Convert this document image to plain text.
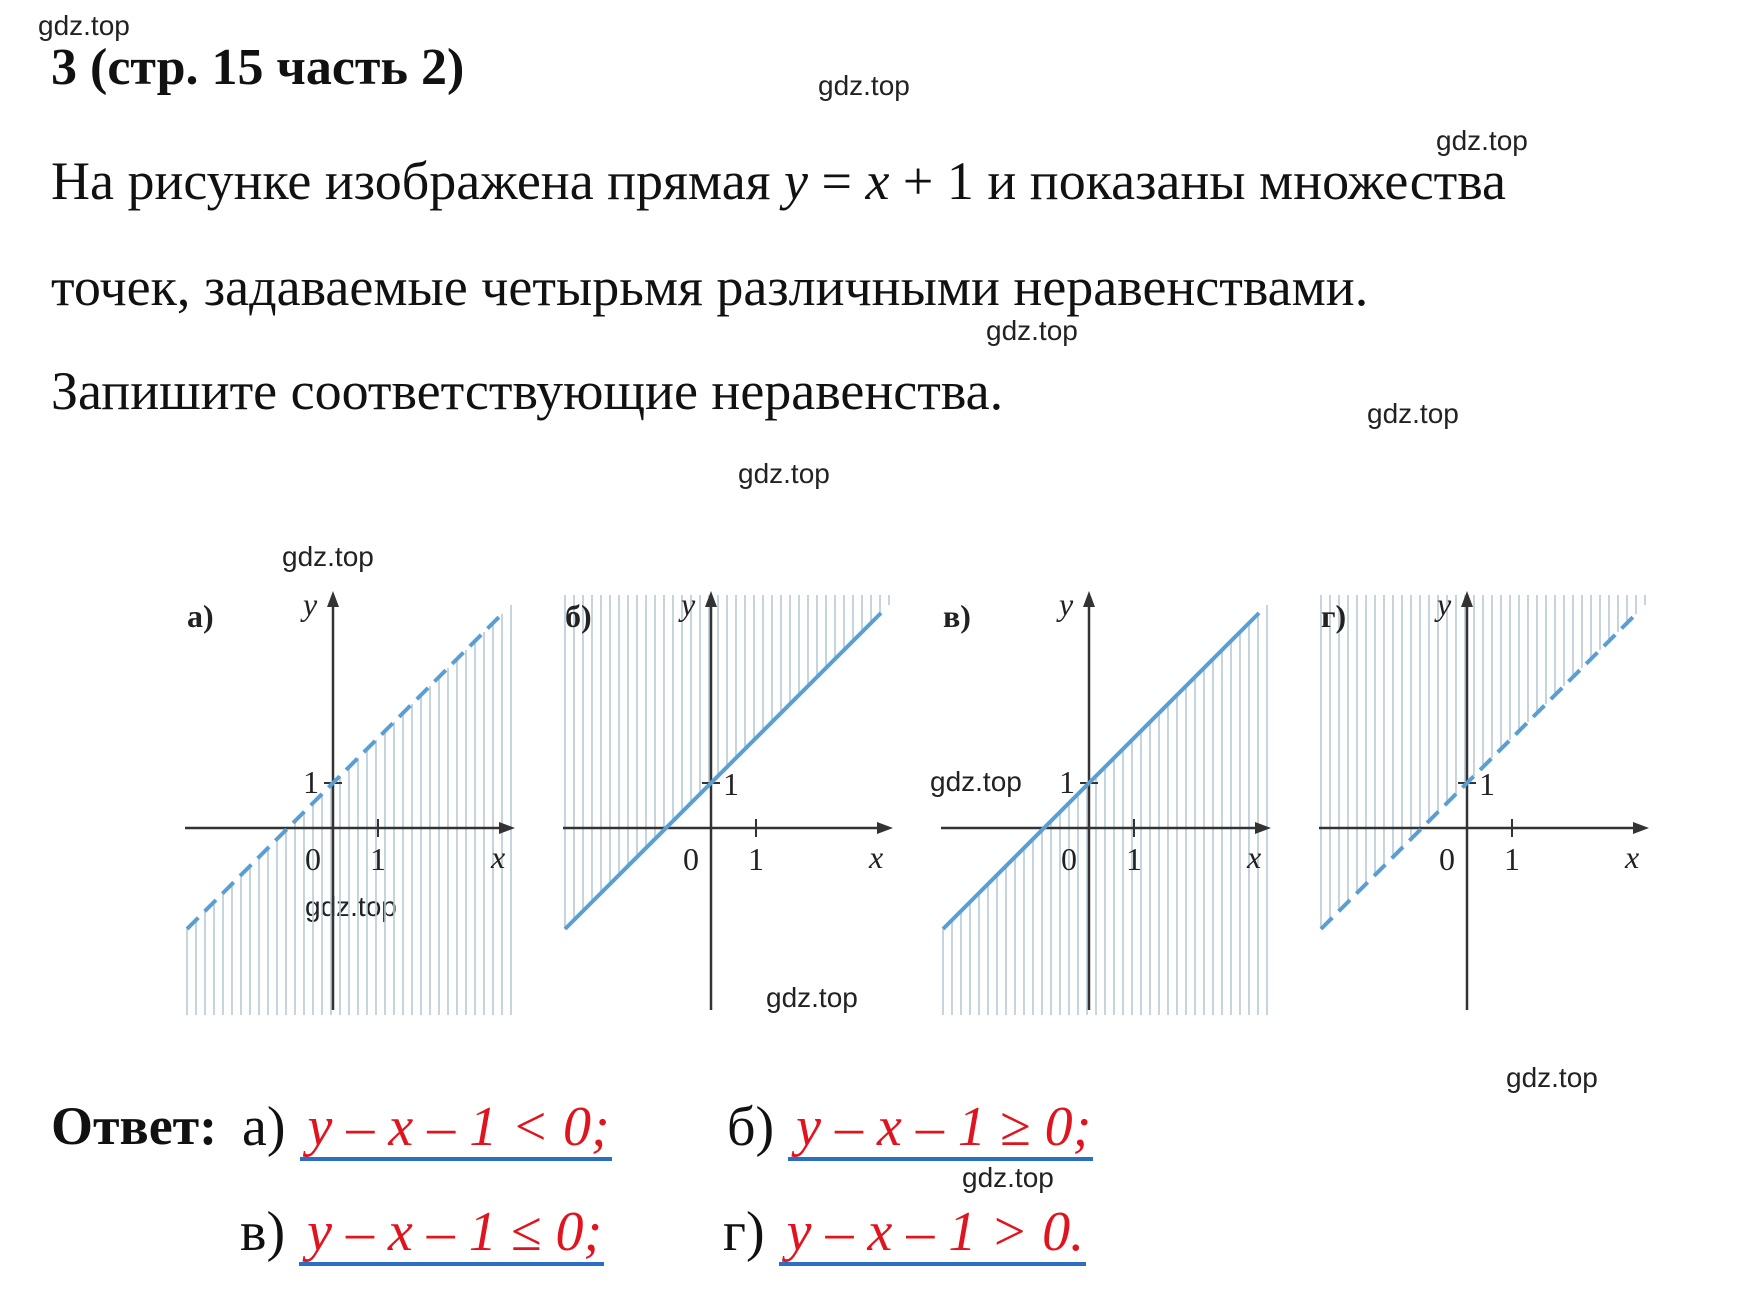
gdz.top
gdz.top
gdz.top
gdz.top
gdz.top
gdz.top
gdz.top
gdz.top
gdz.top
gdz.top
gdz.top
gdz.top
3 (стр. 15 часть 2)
На рисунке изображена прямая y = x + 1 и показаны множества
точек, задаваемые четырьмя различными неравенствами.
Запишите соответствующие неравенства.
а)	y
x
0 1
1
б)	y
x
0 1
1
в)	y
x
0 1
1
г)	y
x
0 1
1
Ответ: а) y – x – 1 < 0; б) y – x – 1 ≥ 0;
в) y – x – 1 ≤ 0; г) y – x – 1 > 0.
